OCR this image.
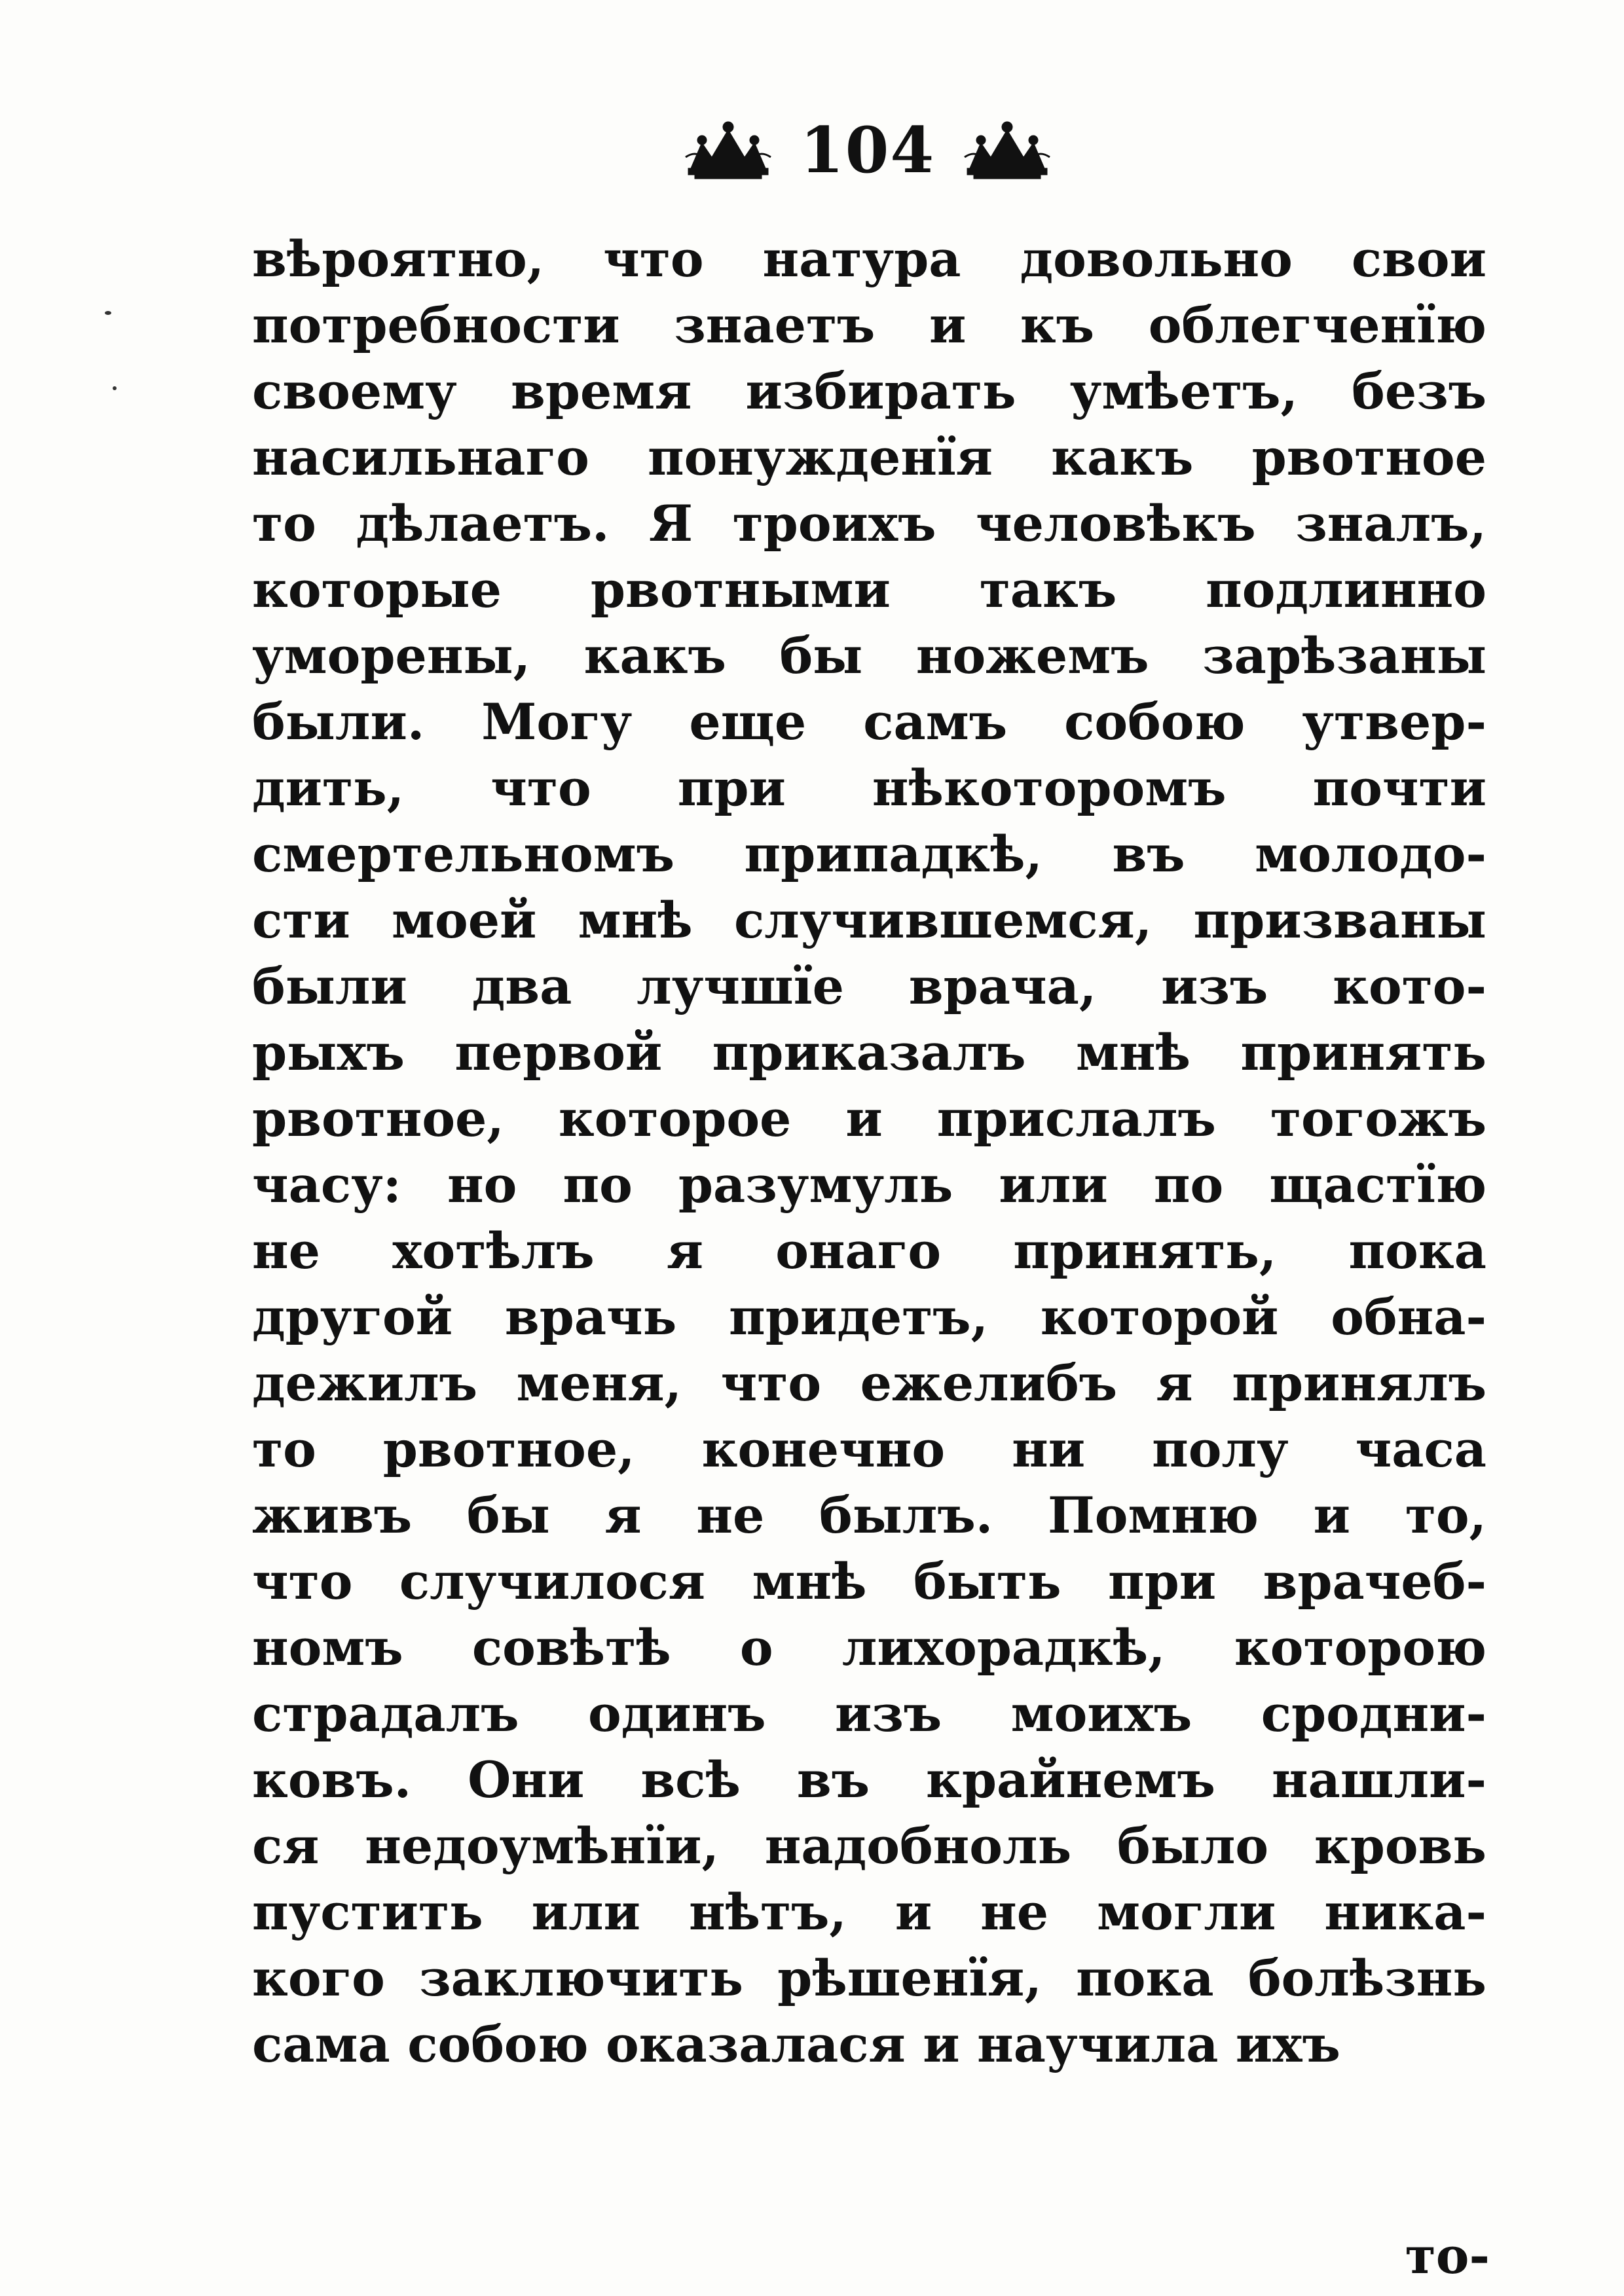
104
вѣроятно, что натура довольно свои
потребности знаетъ и къ облегченїю
своему время избирать умѣетъ, безъ
насильнаго понужденїя какъ рвотное
то дѣлаетъ. Я троихъ человѣкъ зналъ,
которые рвотными такъ подлинно
уморены, какъ бы ножемъ зарѣзаны
были. Могу еще самъ собою утвер-
дить, что при нѣкоторомъ почти
смертельномъ припадкѣ, въ молодо-
сти моей мнѣ случившемся, призваны
были два лучшїе врача, изъ кото-
рыхъ первой приказалъ мнѣ принять
рвотное, которое и прислалъ тогожъ
часу: но по разумуль или по щастїю
не хотѣлъ я онаго принять, пока
другой врачь придетъ, которой обна-
дежилъ меня, что ежелибъ я принялъ
то рвотное, конечно ни полу часа
живъ бы я не былъ. Помню и то,
что случилося мнѣ быть при врачеб-
номъ совѣтѣ о лихорадкѣ, которою
страдалъ одинъ изъ моихъ сродни-
ковъ. Они всѣ въ крайнемъ нашли-
ся недоумѣнїи, надобноль было кровь
пустить или нѣтъ, и не могли ника-
кого заключить рѣшенїя, пока болѣзнь
сама собою оказалася и научила ихъ
то-
